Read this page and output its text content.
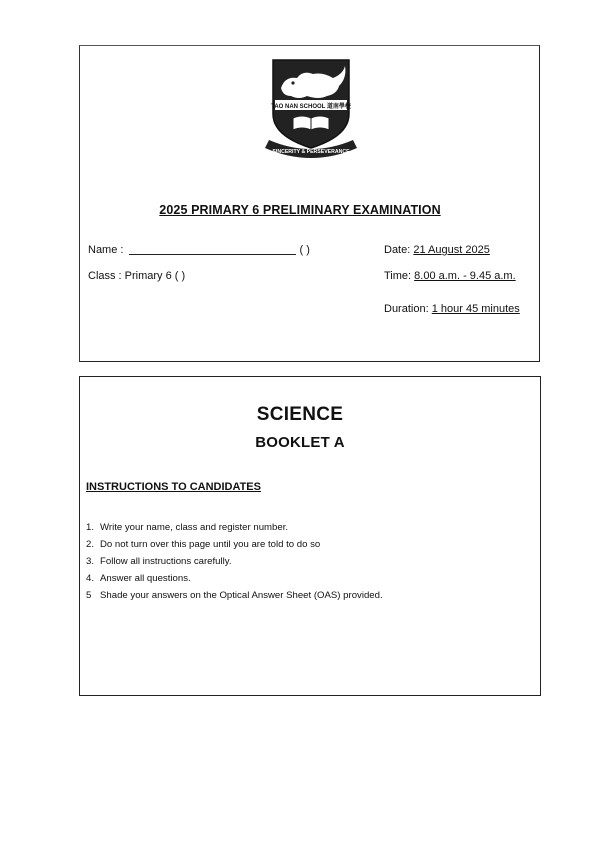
TAO NAN SCHOOL 道南學校
SINCERITY & PERSEVERANCE
2025 PRIMARY 6 PRELIMINARY EXAMINATION
Name :	( )
Class : Primary 6 ( )
Date: 21 August 2025
Time: 8.00 a.m. - 9.45 a.m.
Duration: 1 hour 45 minutes
SCIENCE
BOOKLET A
INSTRUCTIONS TO CANDIDATES
1. Write your name, class and register number.
2. Do not turn over this page until you are told to do so
3. Follow all instructions carefully.
4. Answer all questions.
5 Shade your answers on the Optical Answer Sheet (OAS) provided.
